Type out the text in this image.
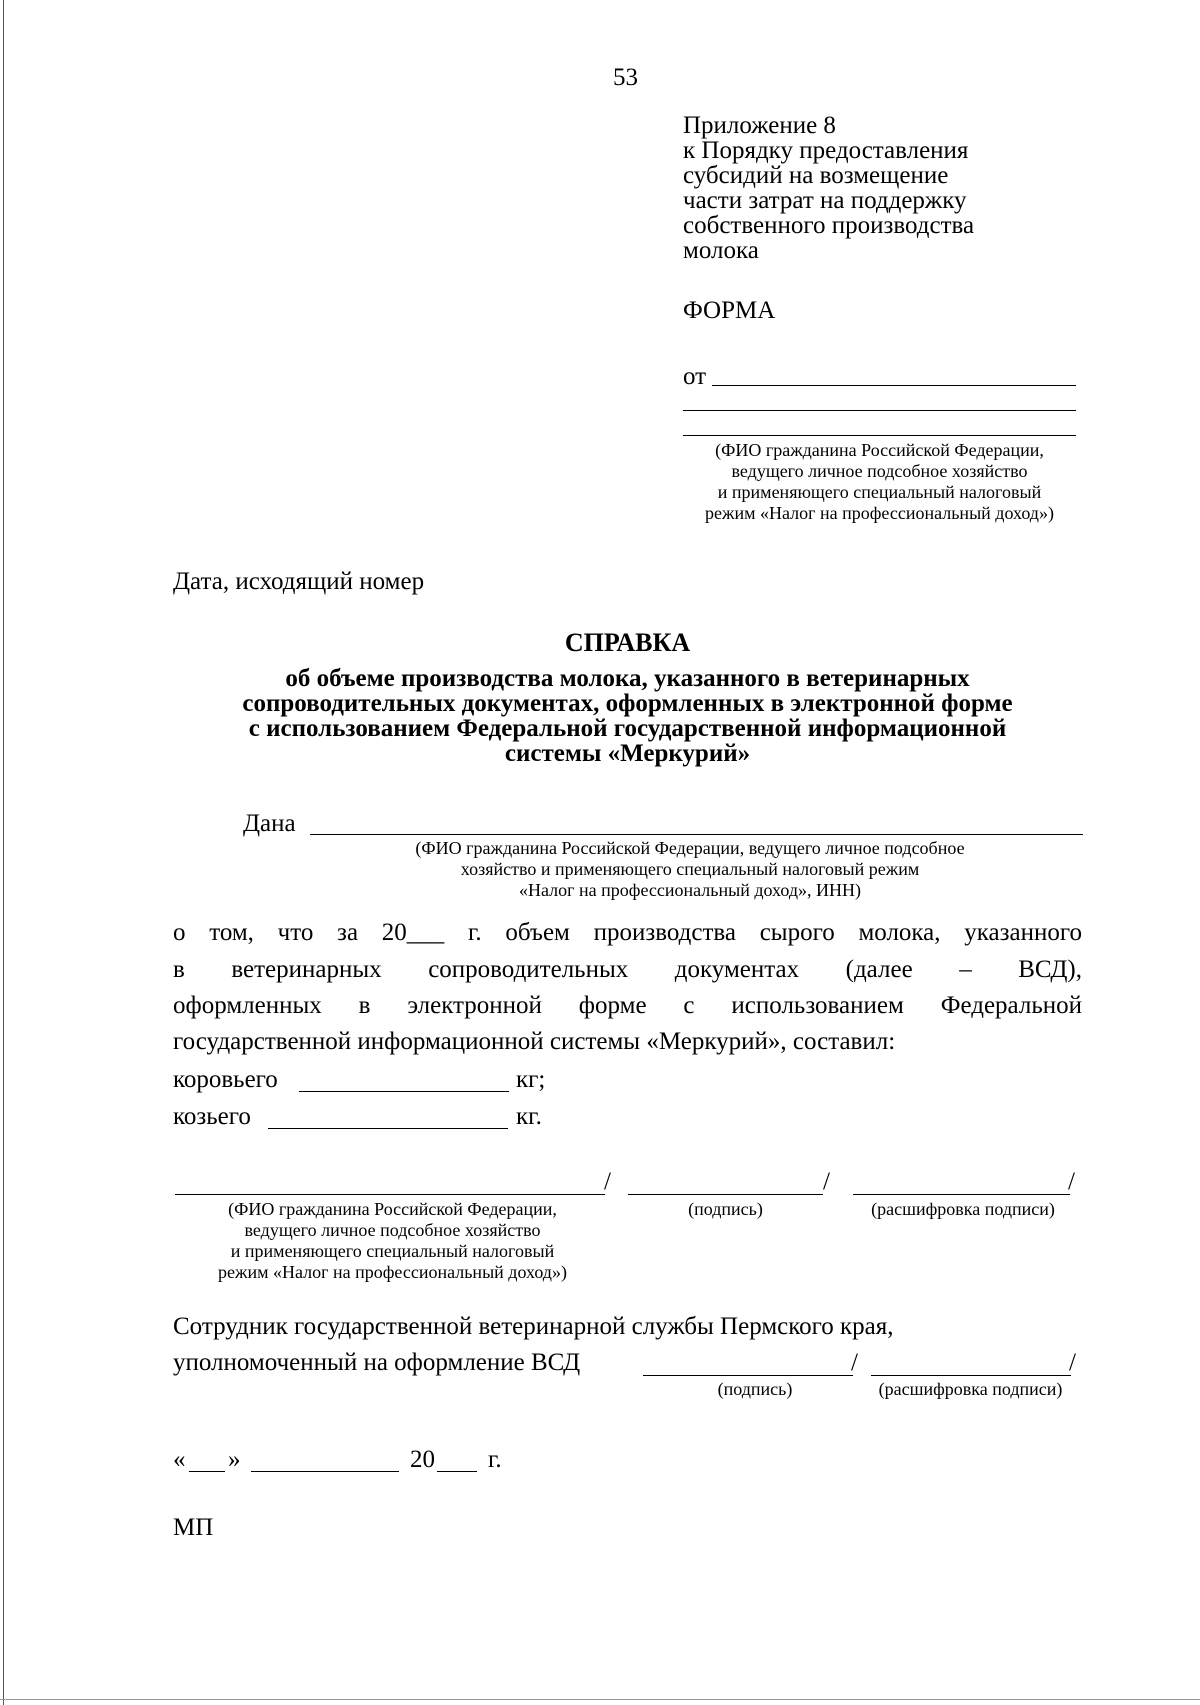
53
Приложение 8
к Порядку предоставления
субсидий на возмещение
части затрат на поддержку
собственного производства
молока
ФОРМА
от
(ФИО гражданина Российской Федерации,
ведущего личное подсобное хозяйство
и применяющего специальный налоговый
режим «Налог на профессиональный доход»)
Дата, исходящий номер
СПРАВКА
об объеме производства молока, указанного в ветеринарных
сопроводительных документах, оформленных в электронной форме
с использованием Федеральной государственной информационной
системы «Меркурий»
Дана
(ФИО гражданина Российской Федерации, ведущего личное подсобное
хозяйство и применяющего специальный налоговый режим
«Налог на профессиональный доход», ИНН)
о том, что за 20___ г. объем производства сырого молока, указанного
в ветеринарных сопроводительных документах (далее – ВСД),
оформленных в электронной форме с использованием Федеральной
государственной информационной системы «Меркурий», составил:
коровьего	кг;
козьего	кг.
/	/	/
(ФИО гражданина Российской Федерации,
ведущего личное подсобное хозяйство
и применяющего специальный налоговый
режим «Налог на профессиональный доход»)
(подпись)	(расшифровка подписи)
Сотрудник государственной ветеринарной службы Пермского края,
уполномоченный на оформление ВСД	/	/
(подпись)	(расшифровка подписи)
« »	20 г.
МП
